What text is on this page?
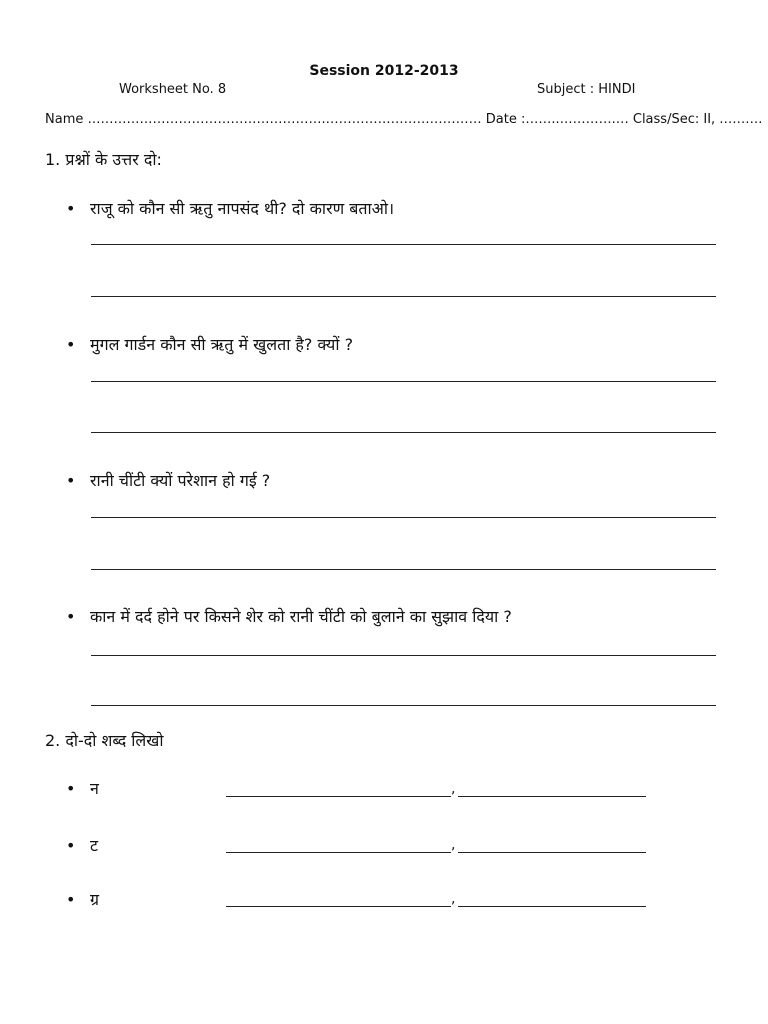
Session 2012-2013
Worksheet No. 8	Subject : HINDI
Name ……………………………………………….……………………………… Date :……..………….… Class/Sec: II, ……….
1. प्रश्नों के उत्तर दो:
• राजू को कौन सी ऋतु नापसंद थी? दो कारण बताओ।
• मुगल गार्डन कौन सी ऋतु में खुलता है? क्यों ?
• रानी चींटी क्यों परेशान हो गई ?
• कान में दर्द होने पर किसने शेर को रानी चींटी को बुलाने का सुझाव दिया ?
2. दो-दो शब्द लिखो
• न	,
• ट	,
• ग्र	,
